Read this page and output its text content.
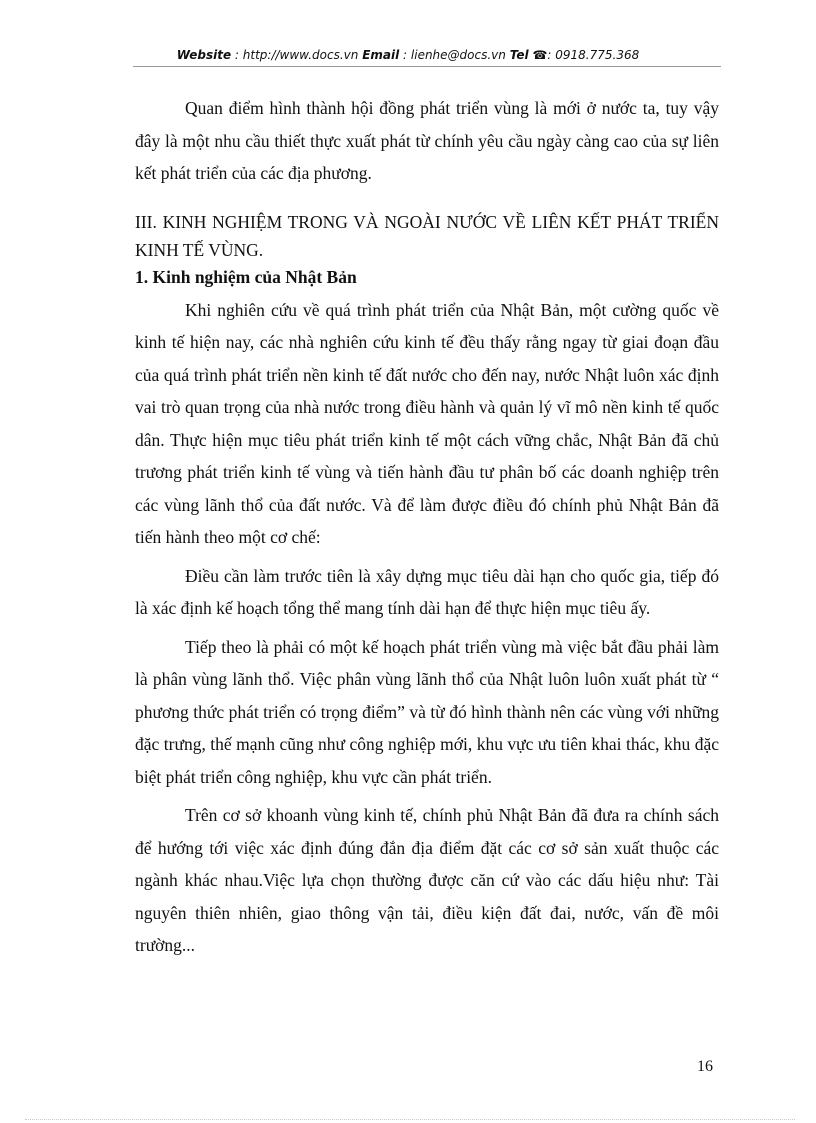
Website : http://www.docs.vn Email : lienhe@docs.vn Tel ☎: 0918.775.368

Quan điểm hình thành hội đồng phát triển vùng là mới ở nước ta, tuy vậy đây là một nhu cầu thiết thực xuất phát từ chính yêu cầu ngày càng cao của sự liên kết phát triển của các địa phương.

III. KINH NGHIỆM TRONG VÀ NGOÀI NƯỚC VỀ LIÊN KẾT PHÁT TRIỂN KINH TẾ VÙNG.
1. Kinh nghiệm của Nhật Bản

Khi nghiên cứu về quá trình phát triển của Nhật Bản, một cường quốc về kinh tế hiện nay, các nhà nghiên cứu kinh tế đều thấy rằng ngay từ giai đoạn đầu của quá trình phát triển nền kinh tế đất nước cho đến nay, nước Nhật luôn xác định vai trò quan trọng của nhà nước trong điều hành và quản lý vĩ mô nền kinh tế quốc dân. Thực hiện mục tiêu phát triển kinh tế một cách vững chắc, Nhật Bản đã chủ trương phát triển kinh tế vùng và tiến hành đầu tư phân bố các doanh nghiệp trên các vùng lãnh thổ của đất nước. Và để làm được điều đó chính phủ Nhật Bản đã tiến hành theo một cơ chế:

Điều cần làm trước tiên là xây dựng mục tiêu dài hạn cho quốc gia, tiếp đó là xác định kế hoạch tổng thể mang tính dài hạn để thực hiện mục tiêu ấy.

Tiếp theo là phải có một kế hoạch phát triển vùng mà việc bắt đầu phải làm là phân vùng lãnh thổ. Việc phân vùng lãnh thổ của Nhật luôn luôn xuất phát từ “ phương thức phát triển có trọng điểm” và từ đó hình thành nên các vùng với những đặc trưng, thế mạnh cũng như công nghiệp mới, khu vực ưu tiên khai thác, khu đặc biệt phát triển công nghiệp, khu vực cần phát triển.

Trên cơ sở khoanh vùng kinh tế, chính phủ Nhật Bản đã đưa ra chính sách để hướng tới việc xác định đúng đắn địa điểm đặt các cơ sở sản xuất thuộc các ngành khác nhau.Việc lựa chọn thường được căn cứ vào các dấu hiệu như: Tài nguyên thiên nhiên, giao thông vận tải, điều kiện đất đai, nước, vấn đề môi trường...

16
